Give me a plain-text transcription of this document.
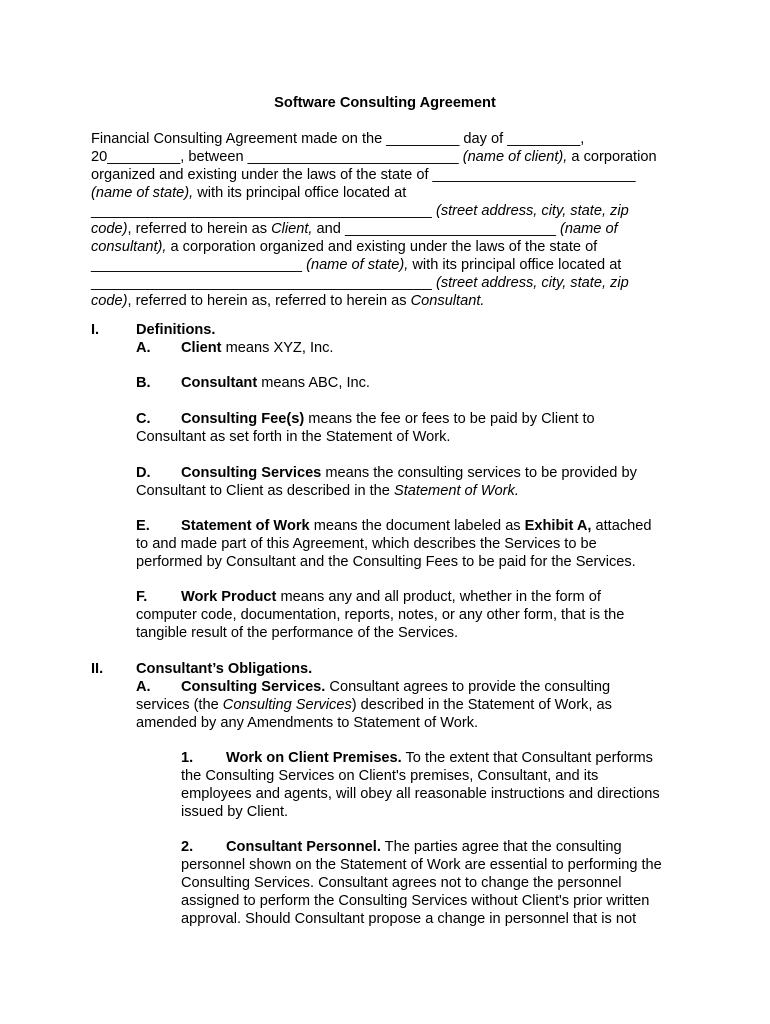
Software Consulting Agreement
Financial Consulting Agreement made on the _________ day of _________,
20_________, between __________________________ (name of client), a corporation
organized and existing under the laws of the state of _________________________
(name of state), with its principal office located at
__________________________________________ (street address, city, state, zip
code), referred to herein as Client, and __________________________ (name of
consultant), a corporation organized and existing under the laws of the state of
__________________________ (name of state), with its principal office located at
__________________________________________ (street address, city, state, zip
code), referred to herein as, referred to herein as Consultant.
I.	Definitions.
A. Client means XYZ, Inc.
B. Consultant means ABC, Inc.
C. Consulting Fee(s) means the fee or fees to be paid by Client to
Consultant as set forth in the Statement of Work.
D. Consulting Services means the consulting services to be provided by
Consultant to Client as described in the Statement of Work.
E. Statement of Work means the document labeled as Exhibit A, attached
to and made part of this Agreement, which describes the Services to be
performed by Consultant and the Consulting Fees to be paid for the Services.
F. Work Product means any and all product, whether in the form of
computer code, documentation, reports, notes, or any other form, that is the
tangible result of the performance of the Services.
II. Consultant’s Obligations.
A. Consulting Services. Consultant agrees to provide the consulting
services (the Consulting Services) described in the Statement of Work, as
amended by any Amendments to Statement of Work.
1. Work on Client Premises. To the extent that Consultant performs
the Consulting Services on Client's premises, Consultant, and its
employees and agents, will obey all reasonable instructions and directions
issued by Client.
2. Consultant Personnel. The parties agree that the consulting
personnel shown on the Statement of Work are essential to performing the
Consulting Services. Consultant agrees not to change the personnel
assigned to perform the Consulting Services without Client's prior written
approval. Should Consultant propose a change in personnel that is not
